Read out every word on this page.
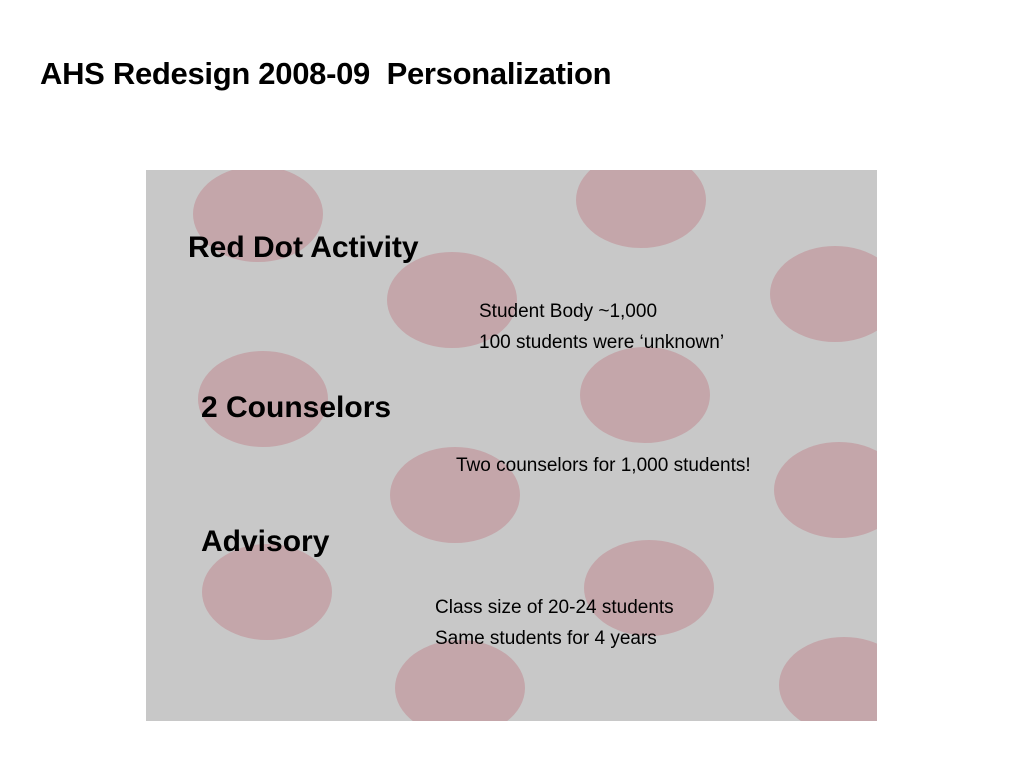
AHS Redesign 2008-09  Personalization
Red Dot Activity

Student Body ~1,000
100 students were ‘unknown’

2 Counselors

Two counselors for 1,000 students!

Advisory

Class size of 20-24 students
Same students for 4 years
